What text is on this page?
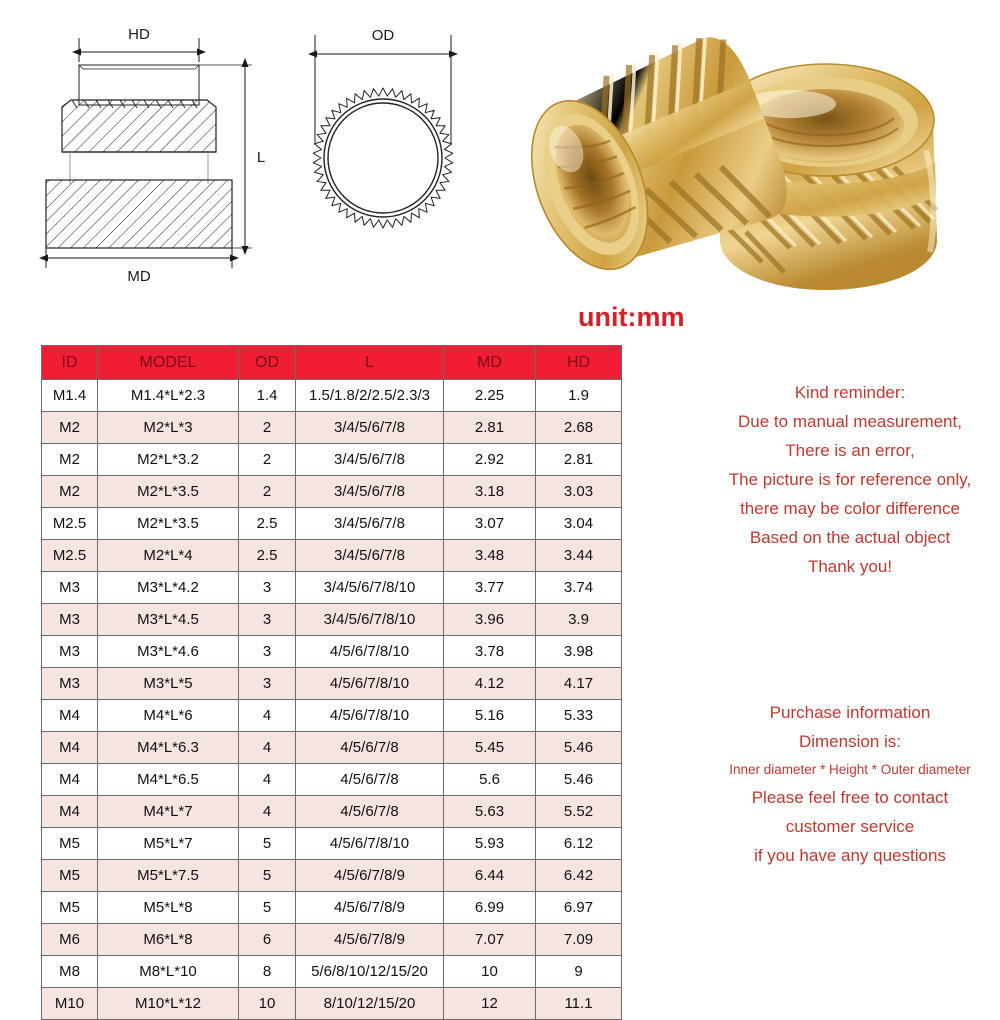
HD
L
MD
OD
unit:mm
ID	MODEL	OD	L	MD	HD
M1.4	M1.4*L*2.3	1.4	1.5/1.8/2/2.5/2.3/3	2.25	1.9
M2	M2*L*3	2	3/4/5/6/7/8	2.81	2.68
M2	M2*L*3.2	2	3/4/5/6/7/8	2.92	2.81
M2	M2*L*3.5	2	3/4/5/6/7/8	3.18	3.03
M2.5	M2*L*3.5	2.5	3/4/5/6/7/8	3.07	3.04
M2.5	M2*L*4	2.5	3/4/5/6/7/8	3.48	3.44
M3	M3*L*4.2	3	3/4/5/6/7/8/10	3.77	3.74
M3	M3*L*4.5	3	3/4/5/6/7/8/10	3.96	3.9
M3	M3*L*4.6	3	4/5/6/7/8/10	3.78	3.98
M3	M3*L*5	3	4/5/6/7/8/10	4.12	4.17
M4	M4*L*6	4	4/5/6/7/8/10	5.16	5.33
M4	M4*L*6.3	4	4/5/6/7/8	5.45	5.46
M4	M4*L*6.5	4	4/5/6/7/8	5.6	5.46
M4	M4*L*7	4	4/5/6/7/8	5.63	5.52
M5	M5*L*7	5	4/5/6/7/8/10	5.93	6.12
M5	M5*L*7.5	5	4/5/6/7/8/9	6.44	6.42
M5	M5*L*8	5	4/5/6/7/8/9	6.99	6.97
M6	M6*L*8	6	4/5/6/7/8/9	7.07	7.09
M8	M8*L*10	8	5/6/8/10/12/15/20	10	9
M10	M10*L*12	10	8/10/12/15/20	12	11.1
Kind reminder:
Due to manual measurement,
There is an error,
The picture is for reference only,
there may be color difference
Based on the actual object
Thank you!
Purchase information
Dimension is:
Inner diameter * Height * Outer diameter
Please feel free to contact
customer service
if you have any questions
